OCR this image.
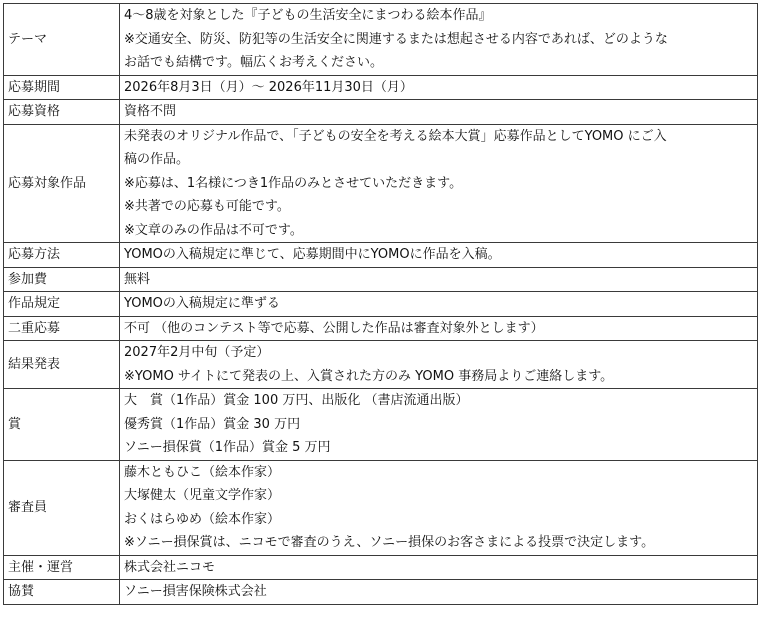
テーマ	4～8歳を対象とした『子どもの生活安全にまつわる絵本作品』
※交通安全、防災、防犯等の生活安全に関連するまたは想起させる内容であれば、どのような
お話でも結構です。幅広くお考えください。

応募期間	2026年8月3日（月）～ 2026年11月30日（月）

応募資格	資格不問

応募対象作品	未発表のオリジナル作品で、「子どもの安全を考える絵本大賞」応募作品としてYOMO にご入
稿の作品。
※応募は、1名様につき1作品のみとさせていただきます。
※共著での応募も可能です。
※文章のみの作品は不可です。

応募方法	YOMOの入稿規定に準じて、応募期間中にYOMOに作品を入稿。

参加費	無料

作品規定	YOMOの入稿規定に準ずる

二重応募	不可 （他のコンテスト等で応募、公開した作品は審査対象外とします）

結果発表	2027年2月中旬（予定）
※YOMO サイトにて発表の上、入賞された方のみ YOMO 事務局よりご連絡します。

賞	大　賞（1作品）賞金 100 万円、出版化 （書店流通出版）
優秀賞（1作品）賞金 30 万円
ソニー損保賞（1作品）賞金 5 万円

審査員	藤木ともひこ（絵本作家）
大塚健太（児童文学作家）
おくはらゆめ（絵本作家）
※ソニー損保賞は、ニコモで審査のうえ、ソニー損保のお客さまによる投票で決定します。

主催・運営	株式会社ニコモ

協賛	ソニー損害保険株式会社
